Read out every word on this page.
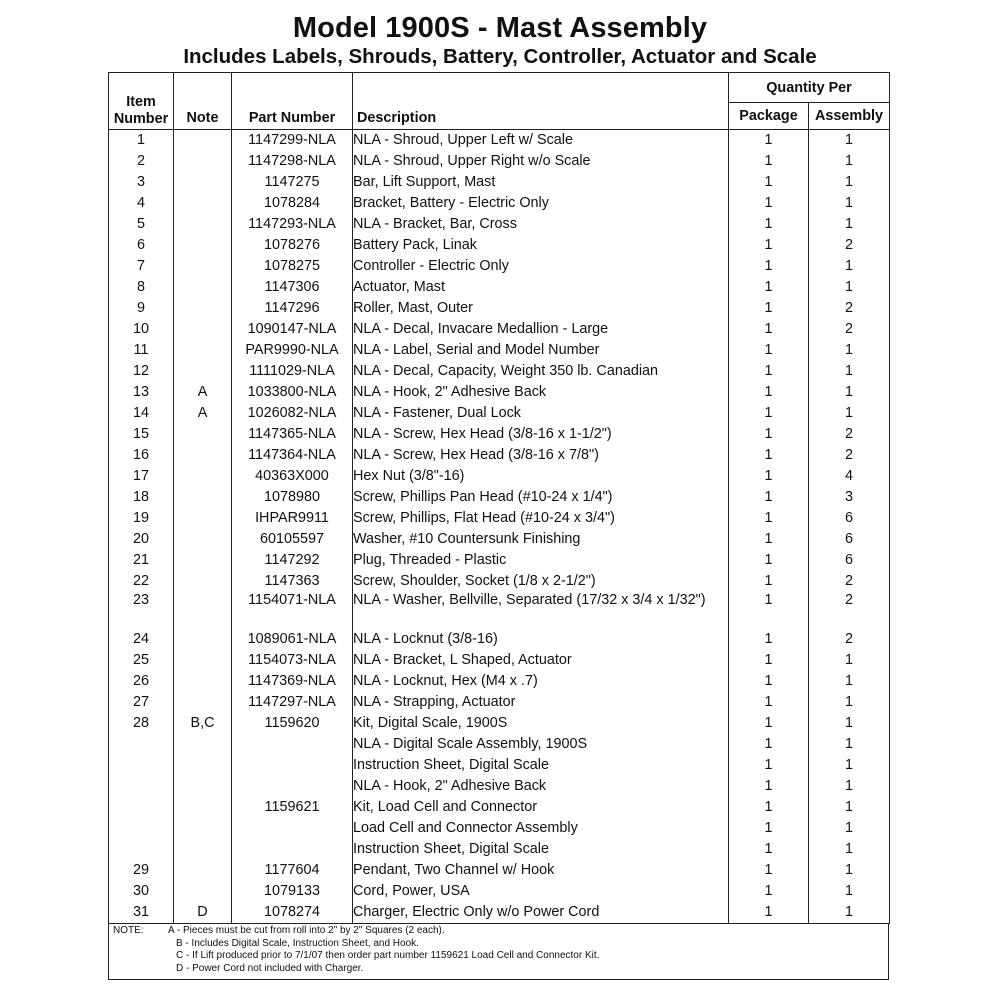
Model 1900S - Mast Assembly
Includes Labels, Shrouds, Battery, Controller, Actuator and Scale
Item
Number	Note	Part Number	Description	Quantity Per	
				Package	Assembly
1		1147299-NLA	NLA - Shroud, Upper Left w/ Scale	1	1
2		1147298-NLA	NLA - Shroud, Upper Right w/o Scale	1	1
3		1147275	Bar, Lift Support, Mast	1	1
4		1078284	Bracket, Battery - Electric Only	1	1
5		1147293-NLA	NLA - Bracket, Bar, Cross	1	1
6		1078276	Battery Pack, Linak	1	2
7		1078275	Controller - Electric Only	1	1
8		1147306	Actuator, Mast	1	1
9		1147296	Roller, Mast, Outer	1	2
10		1090147-NLA	NLA - Decal, Invacare Medallion - Large	1	2
11		PAR9990-NLA	NLA - Label, Serial and Model Number	1	1
12		1111029-NLA	NLA - Decal, Capacity, Weight 350 lb. Canadian	1	1
13	A	1033800-NLA	NLA - Hook, 2" Adhesive Back	1	1
14	A	1026082-NLA	NLA - Fastener, Dual Lock	1	1
15		1147365-NLA	NLA - Screw, Hex Head (3/8-16 x 1-1/2")	1	2
16		1147364-NLA	NLA - Screw, Hex Head (3/8-16 x 7/8")	1	2
17		40363X000	Hex Nut (3/8"-16)	1	4
18		1078980	Screw, Phillips Pan Head (#10-24 x 1/4")	1	3
19		IHPAR9911	Screw, Phillips, Flat Head (#10-24 x 3/4")	1	6
20		60105597	Washer, #10 Countersunk Finishing	1	6
21		1147292	Plug, Threaded - Plastic	1	6
22		1147363	Screw, Shoulder, Socket (1/8 x 2-1/2")	1	2
23		1154071-NLA	NLA - Washer, Bellville, Separated (17/32 x 3/4 x 1/32")	1	2
24		1089061-NLA	NLA - Locknut (3/8-16)	1	2
25		1154073-NLA	NLA - Bracket, L Shaped, Actuator	1	1
26		1147369-NLA	NLA - Locknut, Hex (M4 x .7)	1	1
27		1147297-NLA	NLA - Strapping, Actuator	1	1
28	B,C	1159620	Kit, Digital Scale, 1900S	1	1
			NLA - Digital Scale Assembly, 1900S	1	1
			Instruction Sheet, Digital Scale	1	1
			NLA - Hook, 2" Adhesive Back	1	1
		1159621	Kit, Load Cell and Connector	1	1
			Load Cell and Connector Assembly	1	1
			Instruction Sheet, Digital Scale	1	1
29		1177604	Pendant, Two Channel w/ Hook	1	1
30		1079133	Cord, Power, USA	1	1
31	D	1078274	Charger, Electric Only w/o Power Cord	1	1
NOTE: A - Pieces must be cut from roll into 2" by 2" Squares (2 each).
B - Includes Digital Scale, Instruction Sheet, and Hook.
C - If Lift produced prior to 7/1/07 then order part number 1159621 Load Cell and Connector Kit.
D - Power Cord not included with Charger.
